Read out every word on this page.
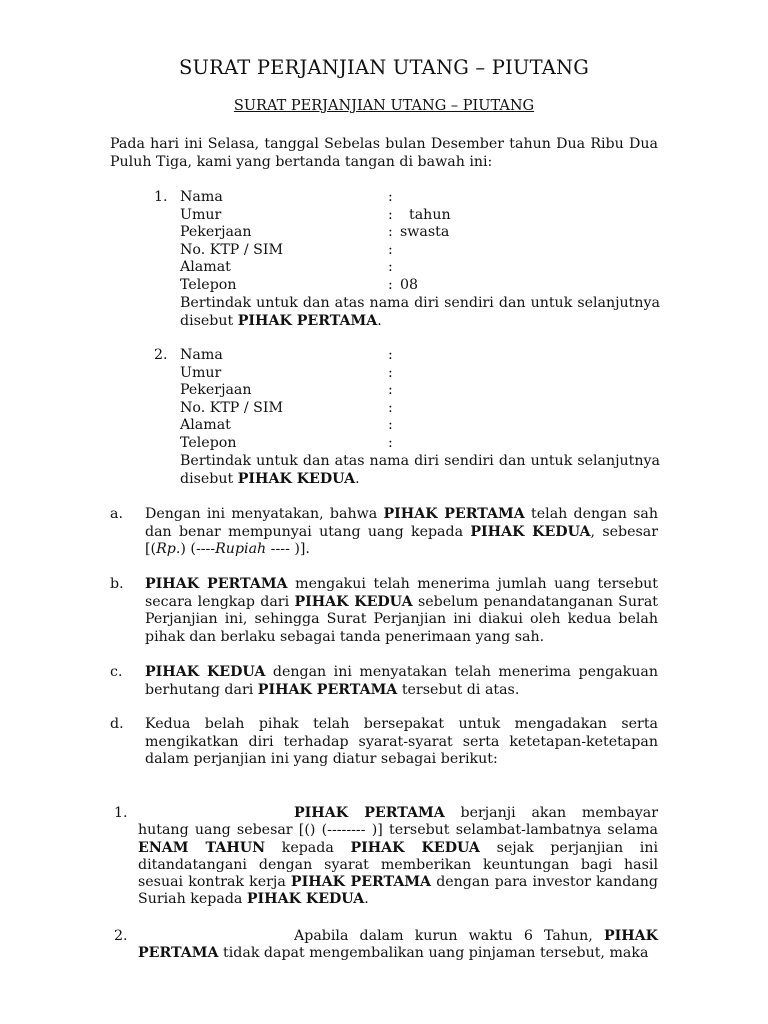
SURAT PERJANJIAN UTANG – PIUTANG
SURAT PERJANJIAN UTANG – PIUTANG
Pada hari ini Selasa, tanggal Sebelas bulan Desember tahun Dua Ribu Dua Puluh Tiga, kami yang bertanda tangan di bawah ini:
1. Nama	:
Umur	: tahun
Pekerjaan	: swasta
No. KTP / SIM	:
Alamat	:
Telepon	: 08
Bertindak untuk dan atas nama diri sendiri dan untuk selanjutnya disebut PIHAK PERTAMA.
2. Nama	:
Umur	:
Pekerjaan	:
No. KTP / SIM	:
Alamat	:
Telepon	:
Bertindak untuk dan atas nama diri sendiri dan untuk selanjutnya disebut PIHAK KEDUA.
a. Dengan ini menyatakan, bahwa PIHAK PERTAMA telah dengan sah dan benar mempunyai utang uang kepada PIHAK KEDUA, sebesar [(Rp.) (----Rupiah ---- )].
b. PIHAK PERTAMA mengakui telah menerima jumlah uang tersebut secara lengkap dari PIHAK KEDUA sebelum penandatanganan Surat Perjanjian ini, sehingga Surat Perjanjian ini diakui oleh kedua belah pihak dan berlaku sebagai tanda penerimaan yang sah.
c. PIHAK KEDUA dengan ini menyatakan telah menerima pengakuan berhutang dari PIHAK PERTAMA tersebut di atas.
d. Kedua belah pihak telah bersepakat untuk mengadakan serta mengikatkan diri terhadap syarat-syarat serta ketetapan-ketetapan dalam perjanjian ini yang diatur sebagai berikut:
1.	PIHAK PERTAMA berjanji akan membayar hutang uang sebesar [() (-------- )] tersebut selambat-lambatnya selama ENAM TAHUN kepada PIHAK KEDUA sejak perjanjian ini ditandatangani dengan syarat memberikan keuntungan bagi hasil sesuai kontrak kerja PIHAK PERTAMA dengan para investor kandang Suriah kepada PIHAK KEDUA.
2.	Apabila dalam kurun waktu 6 Tahun, PIHAK PERTAMA tidak dapat mengembalikan uang pinjaman tersebut, maka
